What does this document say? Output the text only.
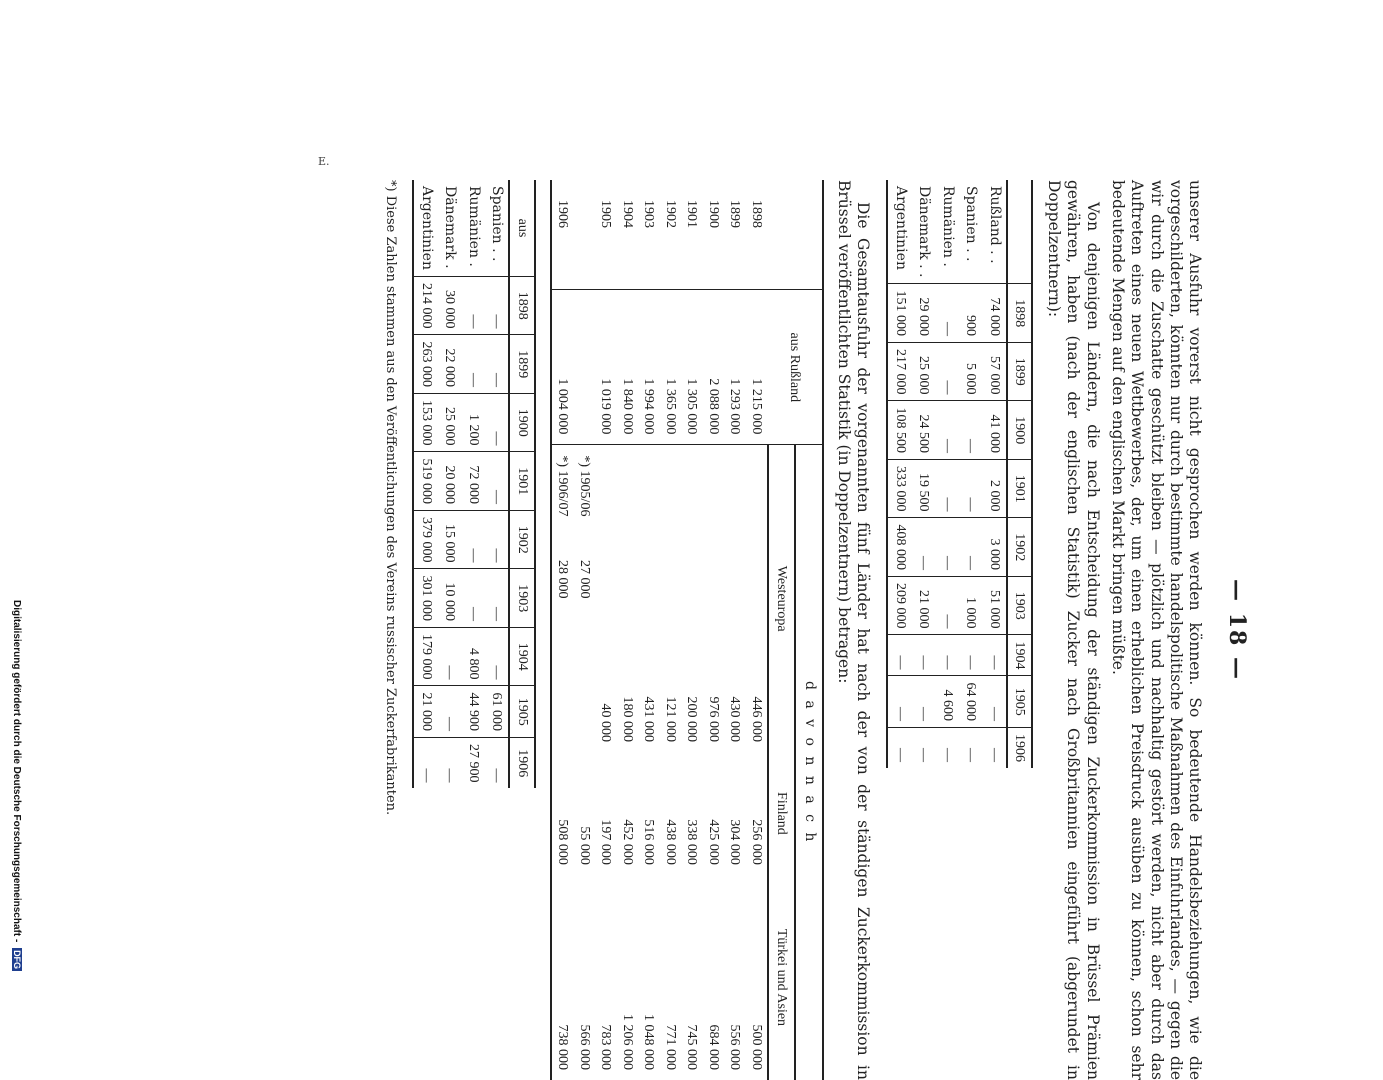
— 18 —

unserer Ausfuhr vorerst nicht gesprochen werden können. So bedeutende Handelsbeziehungen, wie die vorgeschilderten, könnten nur durch bestimmte handelspolitische Maßnahmen des Einfuhrlandes, — gegen die wir durch die Zuschatte geschützt bleiben — plötzlich und nachhaltig gestört werden, nicht aber durch das Auftreten eines neuen Wettbewerbes, der, um einen erheblichen Preisdruck ausüben zu können, schon sehr bedeutende Mengen auf den englischen Markt bringen müßte.

Von denjenigen Ländern, die nach Entscheidung der ständigen Zuckerkommission in Brüssel Prämien gewähren, haben (nach der englischen Statistik) Zucker nach Großbritannien eingeführt (abgerundet in Doppelzentnern):

	1898	1899	1900	1901	1902	1903	1904	1905	1906
Rußland . .	74 000	57 000	41 000	2 000	3 000	51 000	—	—	—
Spanien . .	900	5 000	—	—	—	1 000	—	64 000	—
Rumänien .	—	—	—	—	—	—	—	4 600	—
Dänemark . .	29 000	25 000	24 500	19 500	—	21 000	—	—	—
Argentinien	151 000	217 000	108 500	333 000	408 000	209 000	—	—	—

Die Gesamtausfuhr der vorgenannten fünf Länder hat nach der von der ständigen Zuckerkommission in Brüssel veröffentlichten Statistik (in Doppelzentnern) betragen:

	aus Rußland	d a v o n n a c h		
		Westeuropa	Finland	Türkei und Asien
1898	1 215 000	446 000	256 000	500 000
1899	1 293 000	430 000	304 000	556 000
1900	2 088 000	976 000	425 000	684 000
1901	1 305 000	200 000	338 000	745 000
1902	1 365 000	121 000	438 000	771 000
1903	1 994 000	431 000	516 000	1 048 000
1904	1 840 000	180 000	452 000	1 206 000
1905	1 019 000	40 000	197 000	783 000
		*) 1905/06 27 000	55 000	566 000
1906	1 004 000	*) 1906/07 28 000	508 000	738 000
aus	1898	1899	1900	1901	1902	1903	1904	1905	1906
Spanien . .	—	—	—	—	—	—	—	61 000	—
Rumänien .	—	—	1 200	72 000	—	—	4 800	44 900	27 900
Dänemark .	30 000	22 000	25 000	20 000	15 000	10 000	—	—	—
Argentinien	214 000	263 000	153 000	519 000	379 000	301 000	179 000	21 000	—
*) Diese Zahlen stammen aus den Veröffentlichungen des Vereins russischer Zuckerfabrikanten.
E.
Digitalisierung gefördert durch die Deutsche Forschungsgemeinschaft - DFG
